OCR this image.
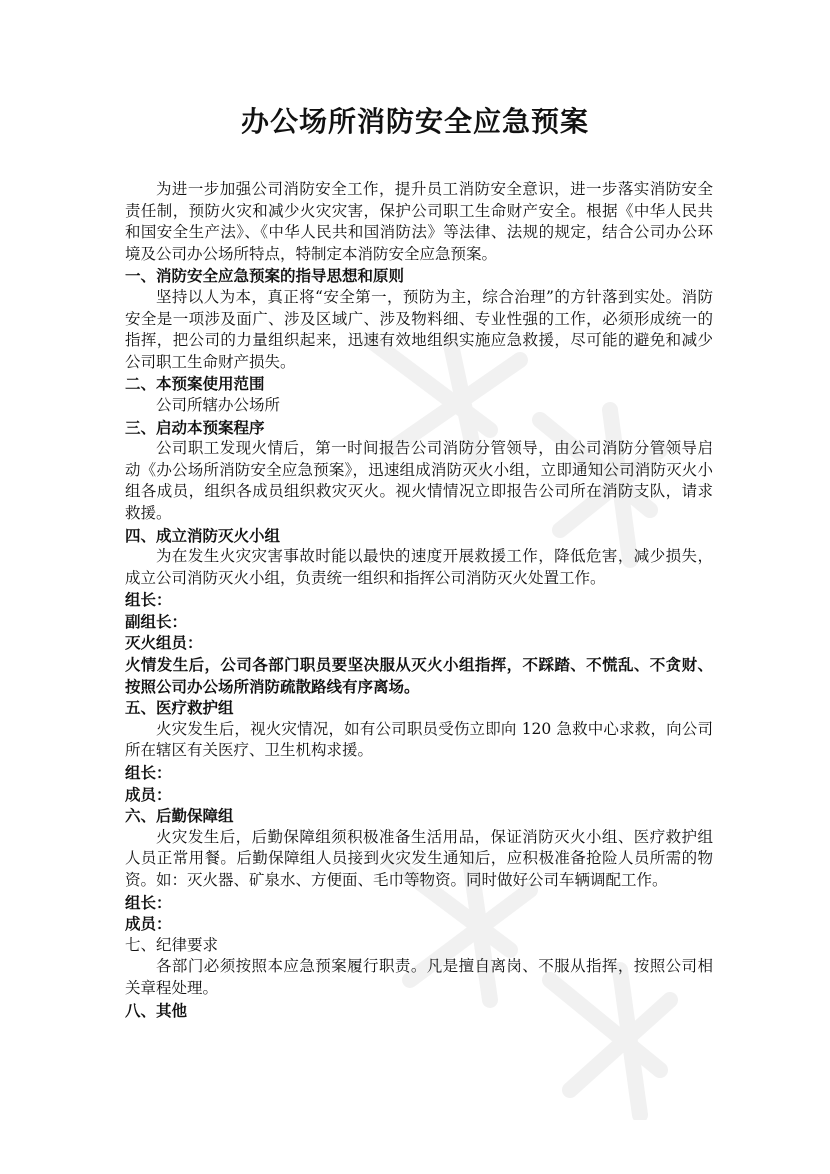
办公场所消防安全应急预案

为进一步加强公司消防安全工作，提升员工消防安全意识，进一步落实消防安全责任制，预防火灾和减少火灾灾害，保护公司职工生命财产安全。根据《中华人民共和国安全生产法》、《中华人民共和国消防法》等法律、法规的规定，结合公司办公环境及公司办公场所特点，特制定本消防安全应急预案。

一、消防安全应急预案的指导思想和原则

坚持以人为本，真正将“安全第一，预防为主，综合治理”的方针落到实处。消防安全是一项涉及面广、涉及区域广、涉及物料细、专业性强的工作，必须形成统一的指挥，把公司的力量组织起来，迅速有效地组织实施应急救援，尽可能的避免和减少公司职工生命财产损失。

二、本预案使用范围

公司所辖办公场所

三、启动本预案程序

公司职工发现火情后，第一时间报告公司消防分管领导，由公司消防分管领导启动《办公场所消防安全应急预案》，迅速组成消防灭火小组，立即通知公司消防灭火小组各成员，组织各成员组织救灾灭火。视火情情况立即报告公司所在消防支队，请求救援。

四、成立消防灭火小组

为在发生火灾灾害事故时能以最快的速度开展救援工作，降低危害，减少损失，成立公司消防灭火小组，负责统一组织和指挥公司消防灭火处置工作。

组长：
副组长：
灭火组员：

火情发生后，公司各部门职员要坚决服从灭火小组指挥，不踩踏、不慌乱、不贪财、按照公司办公场所消防疏散路线有序离场。

五、医疗救护组

火灾发生后，视火灾情况，如有公司职员受伤立即向 120 急救中心求救，向公司所在辖区有关医疗、卫生机构求援。

组长：
成员：
六、后勤保障组

火灾发生后，后勤保障组须积极准备生活用品，保证消防灭火小组、医疗救护组人员正常用餐。后勤保障组人员接到火灾发生通知后，应积极准备抢险人员所需的物资。如：灭火器、矿泉水、方便面、毛巾等物资。同时做好公司车辆调配工作。

组长：
成员：
七、纪律要求

各部门必须按照本应急预案履行职责。凡是擅自离岗、不服从指挥，按照公司相关章程处理。

八、其他
